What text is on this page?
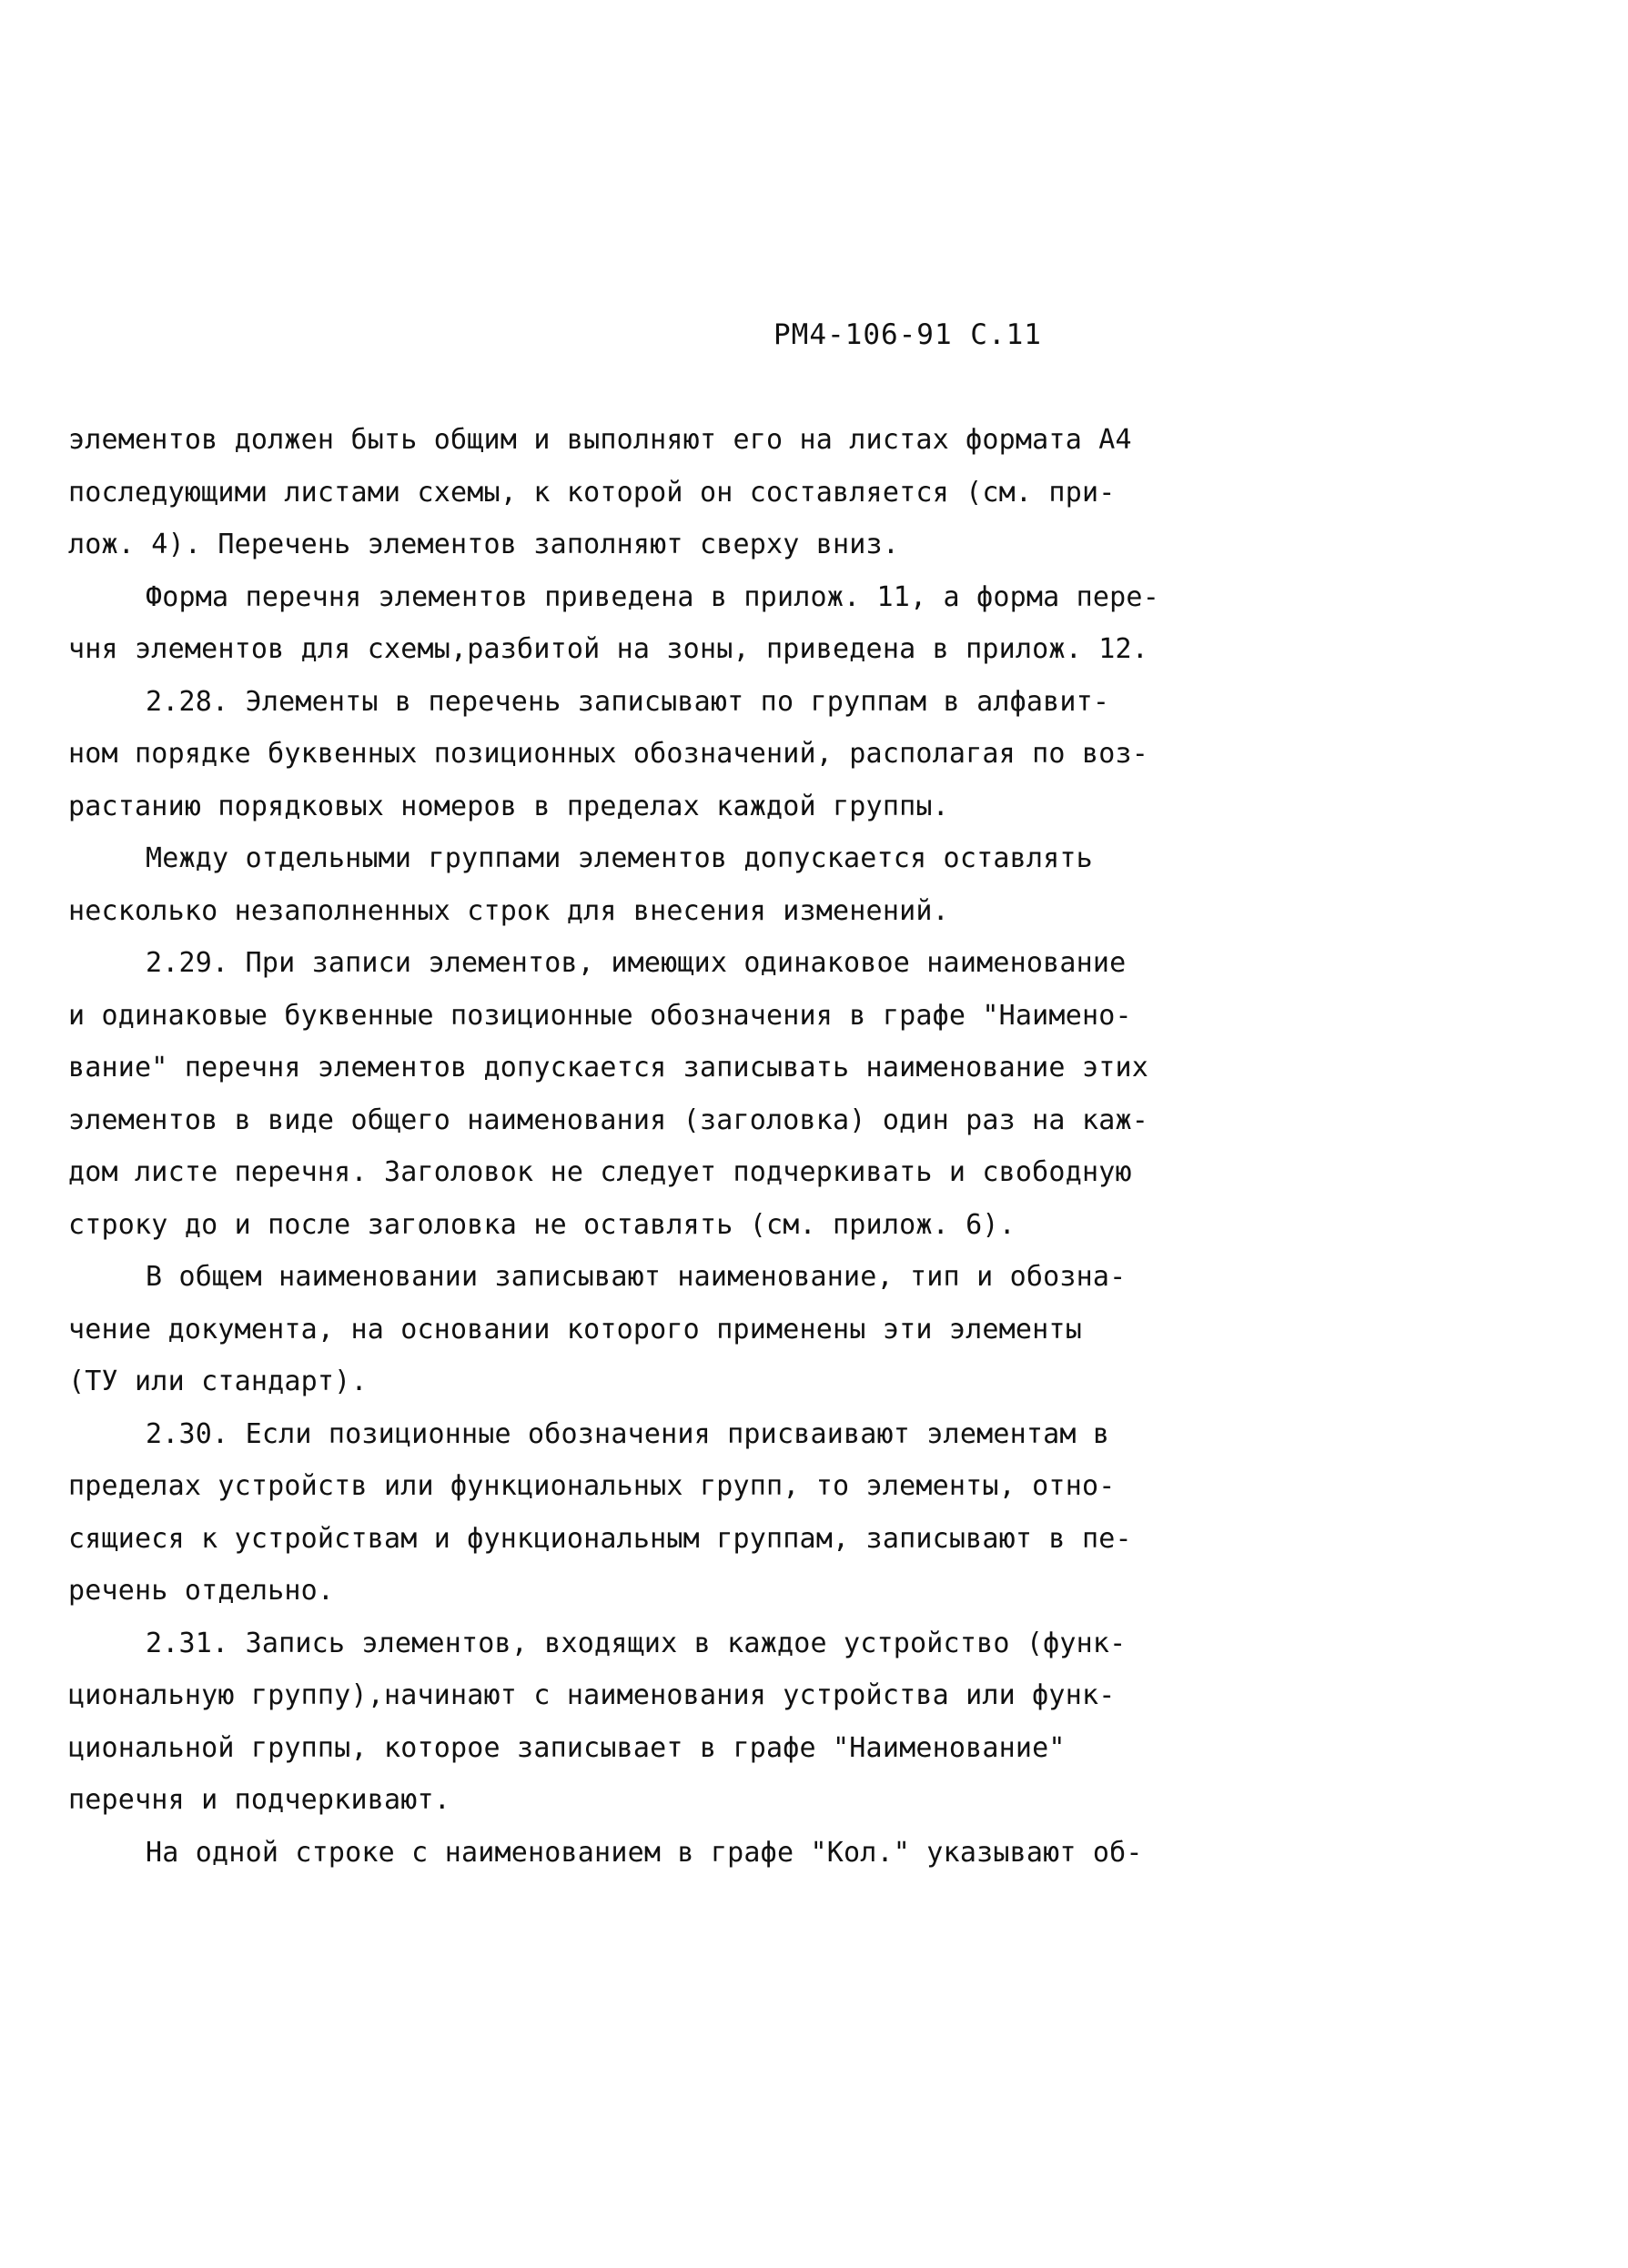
РМ4-106-91 С.11
элементов должен быть общим и выполняют его на листах формата А4
последующими листами схемы, к которой он составляется (см. при-
лож. 4). Перечень элементов заполняют сверху вниз.
Форма перечня элементов приведена в прилож. 11, а форма пере-
чня элементов для схемы,разбитой на зоны, приведена в прилож. 12.
2.28. Элементы в перечень записывают по группам в алфавит-
ном порядке буквенных позиционных обозначений, располагая по воз-
растанию порядковых номеров в пределах каждой группы.
Между отдельными группами элементов допускается оставлять
несколько незаполненных строк для внесения изменений.
2.29. При записи элементов, имеющих одинаковое наименование
и одинаковые буквенные позиционные обозначения в графе "Наимено-
вание" перечня элементов допускается записывать наименование этих
элементов в виде общего наименования (заголовка) один раз на каж-
дом листе перечня. Заголовок не следует подчеркивать и свободную
строку до и после заголовка не оставлять (см. прилож. 6).
В общем наименовании записывают наименование, тип и обозна-
чение документа, на основании которого применены эти элементы
(ТУ или стандарт).
2.30. Если позиционные обозначения присваивают элементам в
пределах устройств или функциональных групп, то элементы, отно-
сящиеся к устройствам и функциональным группам, записывают в пе-
речень отдельно.
2.31. Запись элементов, входящих в каждое устройство (функ-
циональную группу),начинают с наименования устройства или функ-
циональной группы, которое записывает в графе "Наименование"
перечня и подчеркивают.
На одной строке с наименованием в графе "Кол." указывают об-
